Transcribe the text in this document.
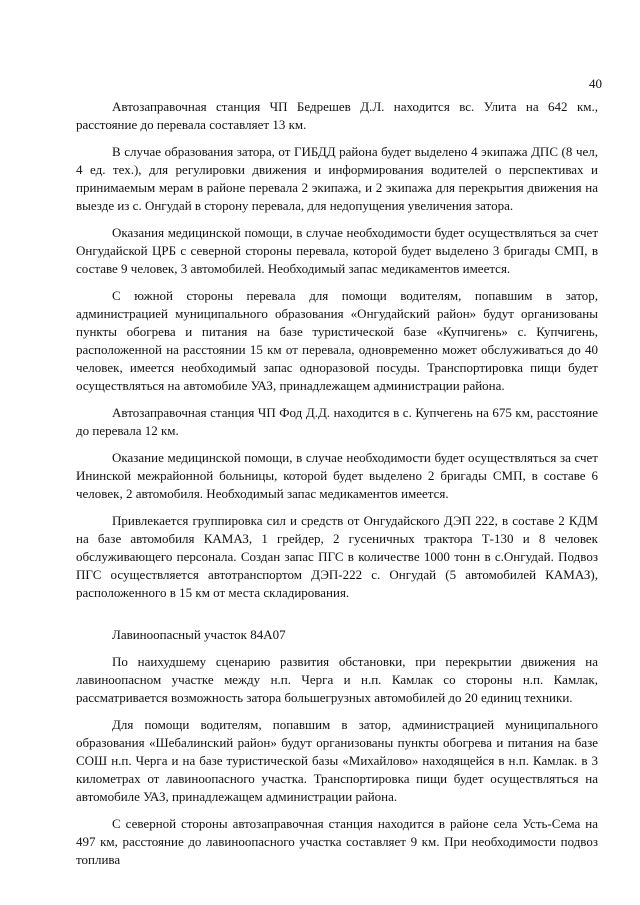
40

Автозаправочная станция ЧП Бедрешев Д.Л. находится вс. Улита на 642 км., расстояние до перевала составляет 13 км.

В случае образования затора, от ГИБДД района будет выделено 4 экипажа ДПС (8 чел, 4 ед. тех.), для регулировки движения и информирования водителей о перспективах и принимаемым мерам в районе перевала 2 экипажа, и 2 экипажа для перекрытия движения на выезде из с. Онгудай в сторону перевала, для недопущения увеличения затора.

Оказания медицинской помощи, в случае необходимости будет осуществляться за счет Онгудайской ЦРБ с северной стороны перевала, которой будет выделено 3 бригады СМП, в составе 9 человек, 3 автомобилей. Необходимый запас медикаментов имеется.

С южной стороны перевала для помощи водителям, попавшим в затор, администрацией муниципального образования «Онгудайский район» будут организованы пункты обогрева и питания на базе туристической базе «Купчигень» с. Купчигень, расположенной на расстоянии 15 км от перевала, одновременно может обслуживаться до 40 человек, имеется необходимый запас одноразовой посуды. Транспортировка пищи будет осуществляться на автомобиле УАЗ, принадлежащем администрации района.

Автозаправочная станция ЧП Фод Д.Д. находится в с. Купчегень на 675 км, расстояние до перевала 12 км.

Оказание медицинской помощи, в случае необходимости будет осуществляться за счет Ининской межрайонной больницы, которой будет выделено 2 бригады СМП, в составе 6 человек, 2 автомобиля. Необходимый запас медикаментов имеется.

Привлекается группировка сил и средств от Онгудайского ДЭП 222, в составе 2 КДМ на базе автомобиля КАМАЗ, 1 грейдер, 2 гусеничных трактора Т-130 и 8 человек обслуживающего персонала. Создан запас ПГС в количестве 1000 тонн в с.Онгудай. Подвоз ПГС осуществляется автотранспортом ДЭП-222 с. Онгудай (5 автомобилей КАМАЗ), расположенного в 15 км от места складирования.

Лавиноопасный участок 84А07

По наихудшему сценарию развития обстановки, при перекрытии движения на лавиноопасном участке между н.п. Черга и н.п. Камлак со стороны н.п. Камлак, рассматривается возможность затора большегрузных автомобилей до 20 единиц техники.

Для помощи водителям, попавшим в затор, администрацией муниципального образования «Шебалинский район» будут организованы пункты обогрева и питания на базе СОШ н.п. Черга и на базе туристической базы «Михайлово» находящейся в н.п. Камлак. в 3 километрах от лавиноопасного участка. Транспортировка пищи будет осуществляться на автомобиле УАЗ, принадлежащем администрации района.

С северной стороны автозаправочная станция находится в районе села Усть-Сема на 497 км, расстояние до лавиноопасного участка составляет 9 км. При необходимости подвоз топлива
